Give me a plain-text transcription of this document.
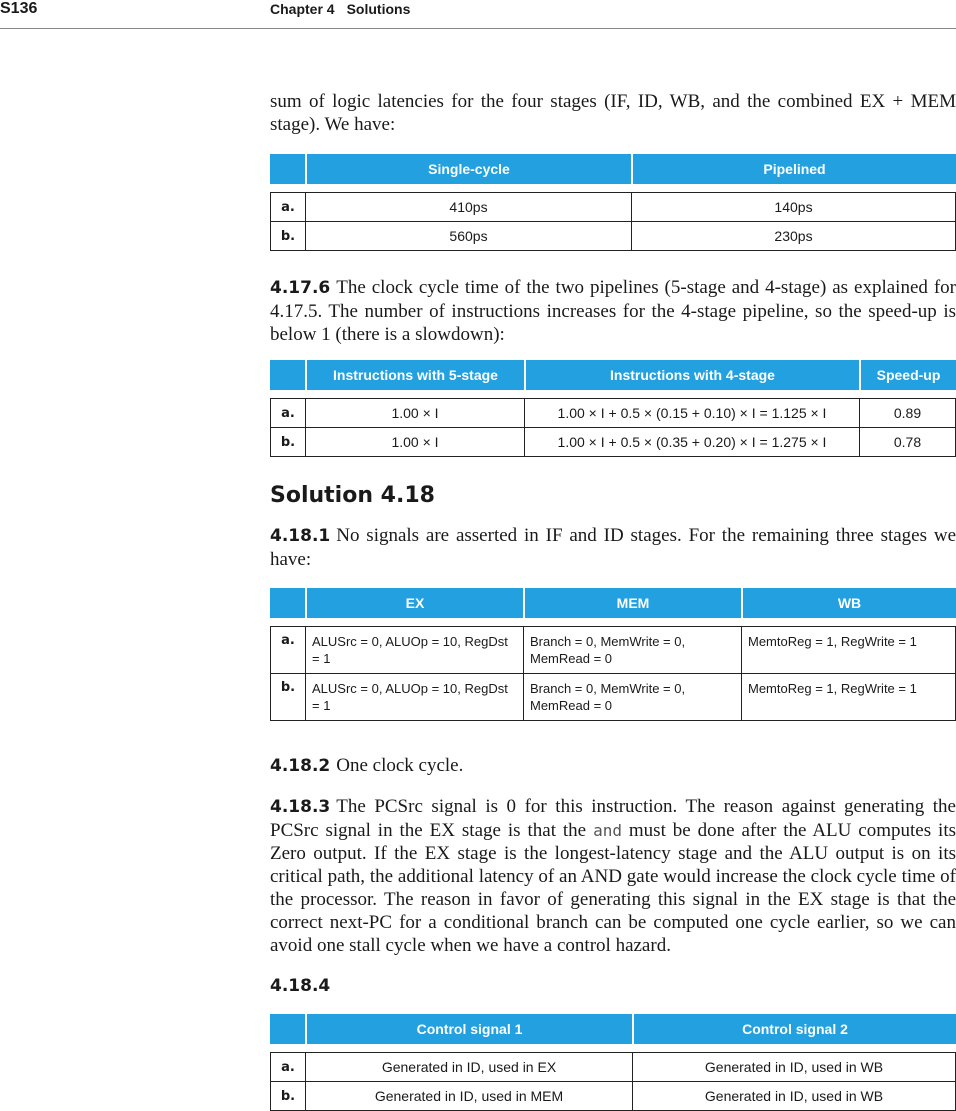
S136	Chapter 4 Solutions
sum of logic latencies for the four stages (IF, ID, WB, and the combined EX + MEM stage). We have:
	Single-cycle	Pipelined

a.	410ps	140ps
b.	560ps	230ps
4.17.6 The clock cycle time of the two pipelines (5-stage and 4-stage) as explained for 4.17.5. The number of instructions increases for the 4-stage pipeline, so the speed-up is below 1 (there is a slowdown):
	Instructions with 5-stage	Instructions with 4-stage	Speed-up

a.	1.00 × I	1.00 × I + 0.5 × (0.15 + 0.10) × I = 1.125 × I	0.89
b.	1.00 × I	1.00 × I + 0.5 × (0.35 + 0.20) × I = 1.275 × I	0.78
Solution 4.18
4.18.1 No signals are asserted in IF and ID stages. For the remaining three stages we have:
	EX	MEM	WB

a.	ALUSrc = 0, ALUOp = 10, RegDst = 1	Branch = 0, MemWrite = 0, MemRead = 0	MemtoReg = 1, RegWrite = 1
b.	ALUSrc = 0, ALUOp = 10, RegDst = 1	Branch = 0, MemWrite = 0, MemRead = 0	MemtoReg = 1, RegWrite = 1
4.18.2 One clock cycle.
4.18.3 The PCSrc signal is 0 for this instruction. The reason against generating the PCSrc signal in the EX stage is that the and must be done after the ALU computes its Zero output. If the EX stage is the longest-latency stage and the ALU output is on its critical path, the additional latency of an AND gate would increase the clock cycle time of the processor. The reason in favor of generating this signal in the EX stage is that the correct next-PC for a conditional branch can be computed one cycle earlier, so we can avoid one stall cycle when we have a control hazard.
4.18.4
	Control signal 1	Control signal 2

a.	Generated in ID, used in EX	Generated in ID, used in WB
b.	Generated in ID, used in MEM	Generated in ID, used in WB
